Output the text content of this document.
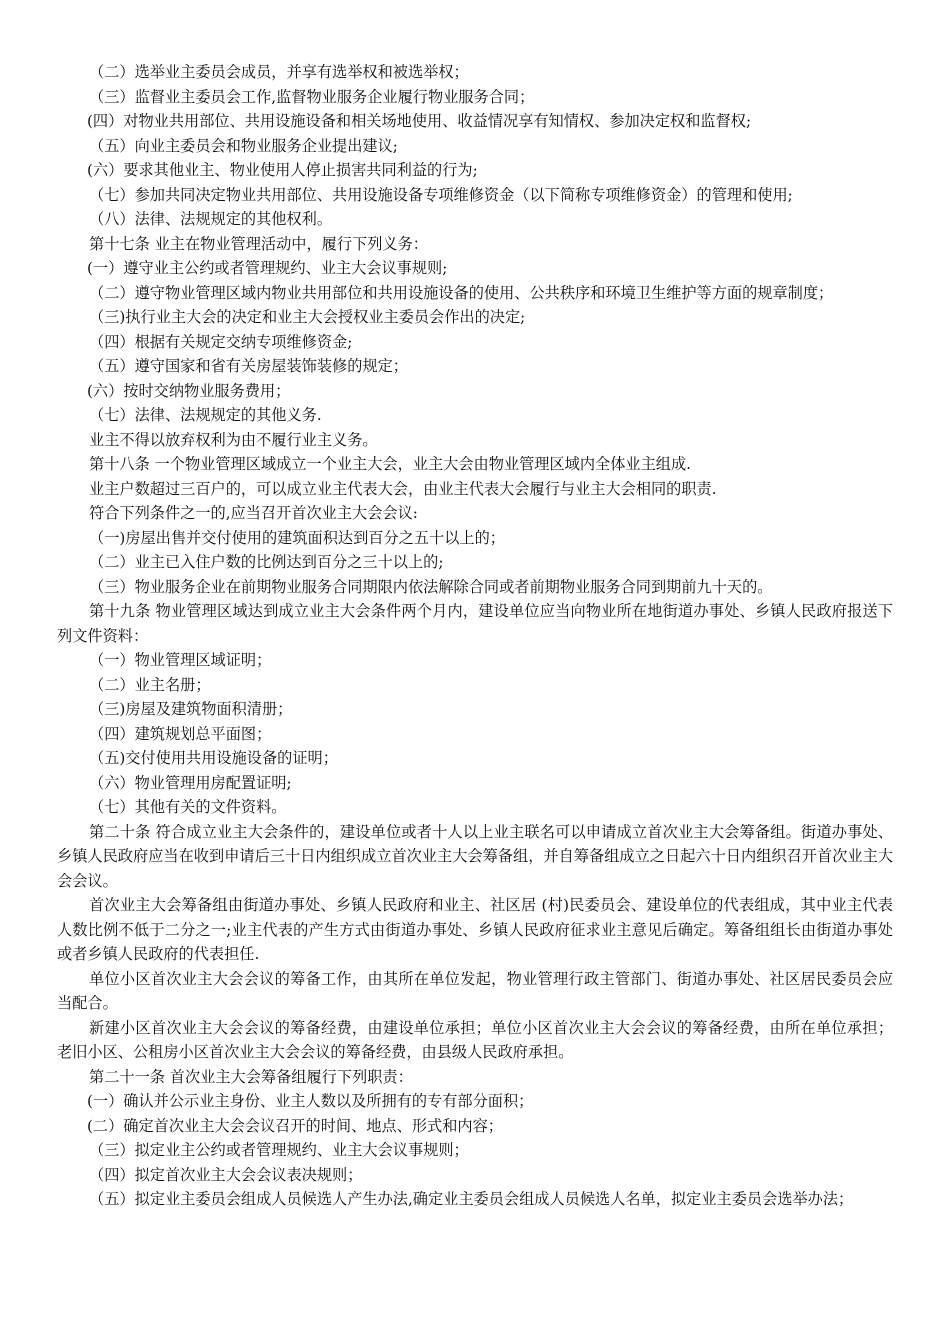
（二）选举业主委员会成员，并享有选举权和被选举权；

（三）监督业主委员会工作,监督物业服务企业履行物业服务合同；

(四）对物业共用部位、共用设施设备和相关场地使用、收益情况享有知情权、参加决定权和监督权;

（五）向业主委员会和物业服务企业提出建议;

(六）要求其他业主、物业使用人停止损害共同利益的行为;

（七）参加共同决定物业共用部位、共用设施设备专项维修资金（以下简称专项维修资金）的管理和使用;

（八）法律、法规规定的其他权利。

第十七条 业主在物业管理活动中，履行下列义务：

(一）遵守业主公约或者管理规约、业主大会议事规则;

（二）遵守物业管理区域内物业共用部位和共用设施设备的使用、公共秩序和环境卫生维护等方面的规章制度；

（三)执行业主大会的决定和业主大会授权业主委员会作出的决定;

（四）根据有关规定交纳专项维修资金;

（五）遵守国家和省有关房屋装饰装修的规定；

(六）按时交纳物业服务费用；

（七）法律、法规规定的其他义务.

业主不得以放弃权利为由不履行业主义务。

第十八条 一个物业管理区域成立一个业主大会，业主大会由物业管理区域内全体业主组成.

业主户数超过三百户的，可以成立业主代表大会，由业主代表大会履行与业主大会相同的职责.

符合下列条件之一的,应当召开首次业主大会会议:

（一)房屋出售并交付使用的建筑面积达到百分之五十以上的；

（二）业主已入住户数的比例达到百分之三十以上的;

（三）物业服务企业在前期物业服务合同期限内依法解除合同或者前期物业服务合同到期前九十天的。

第十九条 物业管理区域达到成立业主大会条件两个月内，建设单位应当向物业所在地街道办事处、乡镇人民政府报送下列文件资料：

（一）物业管理区域证明；

（二）业主名册；

（三)房屋及建筑物面积清册；

（四）建筑规划总平面图；

（五)交付使用共用设施设备的证明；

（六）物业管理用房配置证明;

（七）其他有关的文件资料。

第二十条 符合成立业主大会条件的，建设单位或者十人以上业主联名可以申请成立首次业主大会筹备组。街道办事处、乡镇人民政府应当在收到申请后三十日内组织成立首次业主大会筹备组，并自筹备组成立之日起六十日内组织召开首次业主大会会议。

首次业主大会筹备组由街道办事处、乡镇人民政府和业主、社区居 (村)民委员会、建设单位的代表组成，其中业主代表人数比例不低于二分之一;业主代表的产生方式由街道办事处、乡镇人民政府征求业主意见后确定。筹备组组长由街道办事处或者乡镇人民政府的代表担任.

单位小区首次业主大会会议的筹备工作，由其所在单位发起，物业管理行政主管部门、街道办事处、社区居民委员会应当配合。

新建小区首次业主大会会议的筹备经费，由建设单位承担；单位小区首次业主大会会议的筹备经费，由所在单位承担；老旧小区、公租房小区首次业主大会会议的筹备经费，由县级人民政府承担。

第二十一条 首次业主大会筹备组履行下列职责：

(一）确认并公示业主身份、业主人数以及所拥有的专有部分面积；

(二）确定首次业主大会会议召开的时间、地点、形式和内容；

（三）拟定业主公约或者管理规约、业主大会议事规则；

（四）拟定首次业主大会会议表决规则；

（五）拟定业主委员会组成人员候选人产生办法,确定业主委员会组成人员候选人名单，拟定业主委员会选举办法；
